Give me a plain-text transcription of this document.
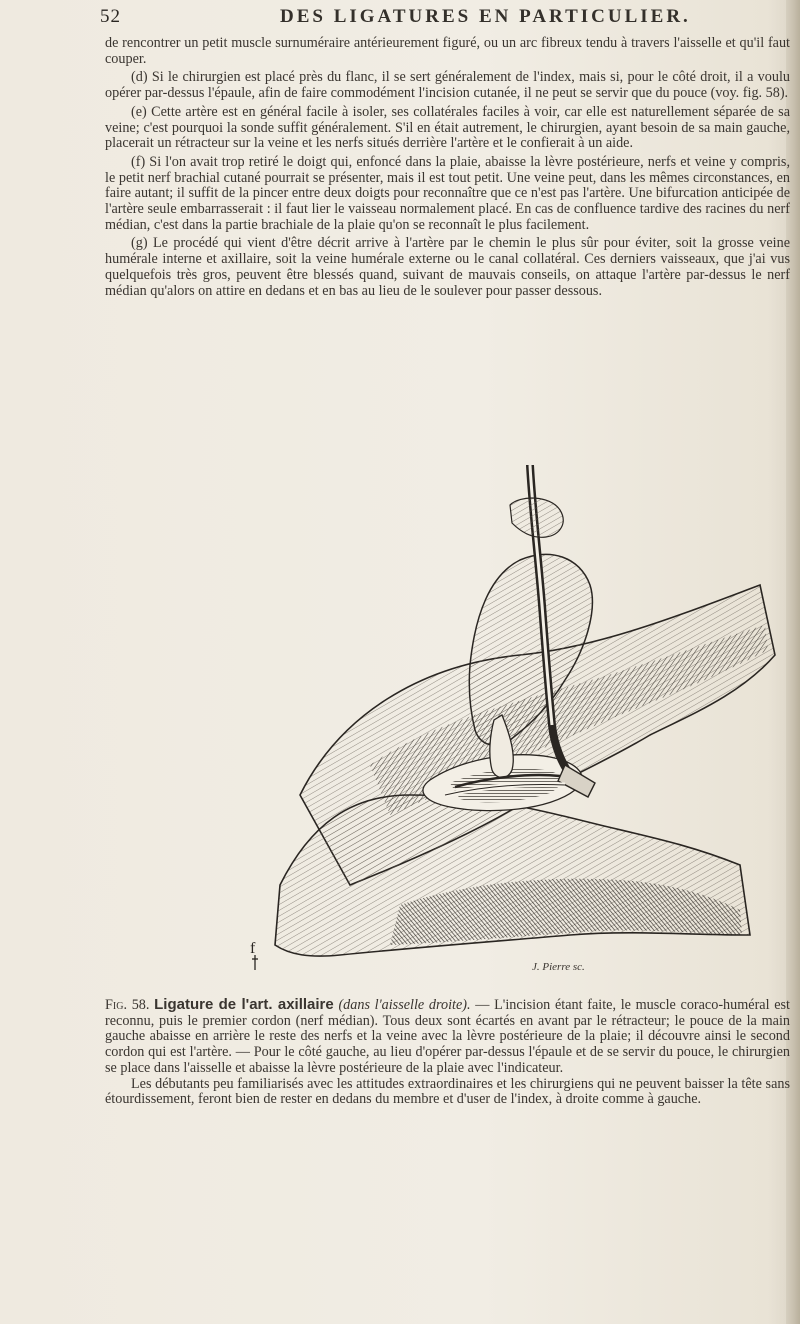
52	DES LIGATURES EN PARTICULIER.

de rencontrer un petit muscle surnuméraire antérieurement figuré, ou un arc fibreux tendu à travers l'aisselle et qu'il faut couper.

(d) Si le chirurgien est placé près du flanc, il se sert généralement de l'index, mais si, pour le côté droit, il a voulu opérer par-dessus l'épaule, afin de faire commodément l'incision cutanée, il ne peut se servir que du pouce (voy. fig. 58).

(e) Cette artère est en général facile à isoler, ses collatérales faciles à voir, car elle est naturellement séparée de sa veine; c'est pourquoi la sonde suffit généralement. S'il en était autrement, le chirurgien, ayant besoin de sa main gauche, placerait un rétracteur sur la veine et les nerfs situés derrière l'artère et le confierait à un aide.

(f) Si l'on avait trop retiré le doigt qui, enfoncé dans la plaie, abaisse la lèvre postérieure, nerfs et veine y compris, le petit nerf brachial cutané pourrait se présenter, mais il est tout petit. Une veine peut, dans les mêmes circonstances, en faire autant; il suffit de la pincer entre deux doigts pour reconnaître que ce n'est pas l'artère. Une bifurcation anticipée de l'artère seule embarrasserait : il faut lier le vaisseau normalement placé. En cas de confluence tardive des racines du nerf médian, c'est dans la partie brachiale de la plaie qu'on se reconnaît le plus facilement.

(g) Le procédé qui vient d'être décrit arrive à l'artère par le chemin le plus sûr pour éviter, soit la grosse veine humérale interne et axillaire, soit la veine humérale externe ou le canal collatéral. Ces derniers vaisseaux, que j'ai vus quelquefois très gros, peuvent être blessés quand, suivant de mauvais conseils, on attaque l'artère par-dessus le nerf médian qu'alors on attire en dedans et en bas au lieu de le soulever pour passer dessous.

f
J. Pierre sc.

Fig. 58. Ligature de l'art. axillaire (dans l'aisselle droite). — L'incision étant faite, le muscle coraco-huméral est reconnu, puis le premier cordon (nerf médian). Tous deux sont écartés en avant par le rétracteur; le pouce de la main gauche abaisse en arrière le reste des nerfs et la veine avec la lèvre postérieure de la plaie; il découvre ainsi le second cordon qui est l'artère. — Pour le côté gauche, au lieu d'opérer par-dessus l'épaule et de se servir du pouce, le chirurgien se place dans l'aisselle et abaisse la lèvre postérieure de la plaie avec l'indicateur.

Les débutants peu familiarisés avec les attitudes extraordinaires et les chirurgiens qui ne peuvent baisser la tête sans étourdissement, feront bien de rester en dedans du membre et d'user de l'index, à droite comme à gauche.
